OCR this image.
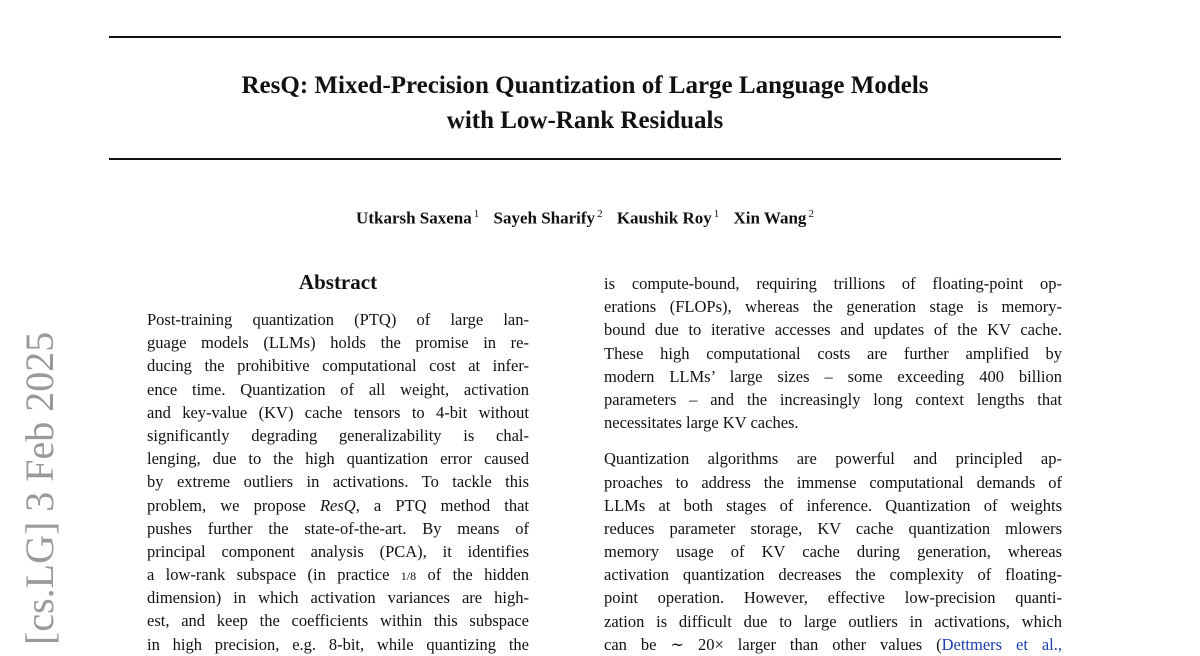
ResQ: Mixed-Precision Quantization of Large Language Models
with Low-Rank Residuals
Utkarsh Saxena $^1$ Sayeh Sharify $^2$ Kaushik Roy $^1$ Xin Wang $^2$
[cs.LG] 3 Feb 2025
Abstract
Post-training quantization (PTQ) of large lan-
guage models (LLMs) holds the promise in re-
ducing the prohibitive computational cost at infer-
ence time. Quantization of all weight, activation
and key-value (KV) cache tensors to 4-bit without
significantly degrading generalizability is chal-
lenging, due to the high quantization error caused
by extreme outliers in activations. To tackle this
problem, we propose ResQ, a PTQ method that
pushes further the state-of-the-art. By means of
principal component analysis (PCA), it identifies
a low-rank subspace (in practice 1/8 of the hidden
dimension) in which activation variances are high-
est, and keep the coefficients within this subspace
in high precision, e.g. 8-bit, while quantizing the
is compute-bound, requiring trillions of floating-point op-
erations (FLOPs), whereas the generation stage is memory-
bound due to iterative accesses and updates of the KV cache.
These high computational costs are further amplified by
modern LLMs’ large sizes – some exceeding 400 billion
parameters – and the increasingly long context lengths that
necessitates large KV caches.
Quantization algorithms are powerful and principled ap-
proaches to address the immense computational demands of
LLMs at both stages of inference. Quantization of weights
reduces parameter storage, KV cache quantization mlowers
memory usage of KV cache during generation, whereas
activation quantization decreases the complexity of floating-
point operation. However, effective low-precision quanti-
zation is difficult due to large outliers in activations, which
can be ∼ 20× larger than other values (Dettmers et al.,
